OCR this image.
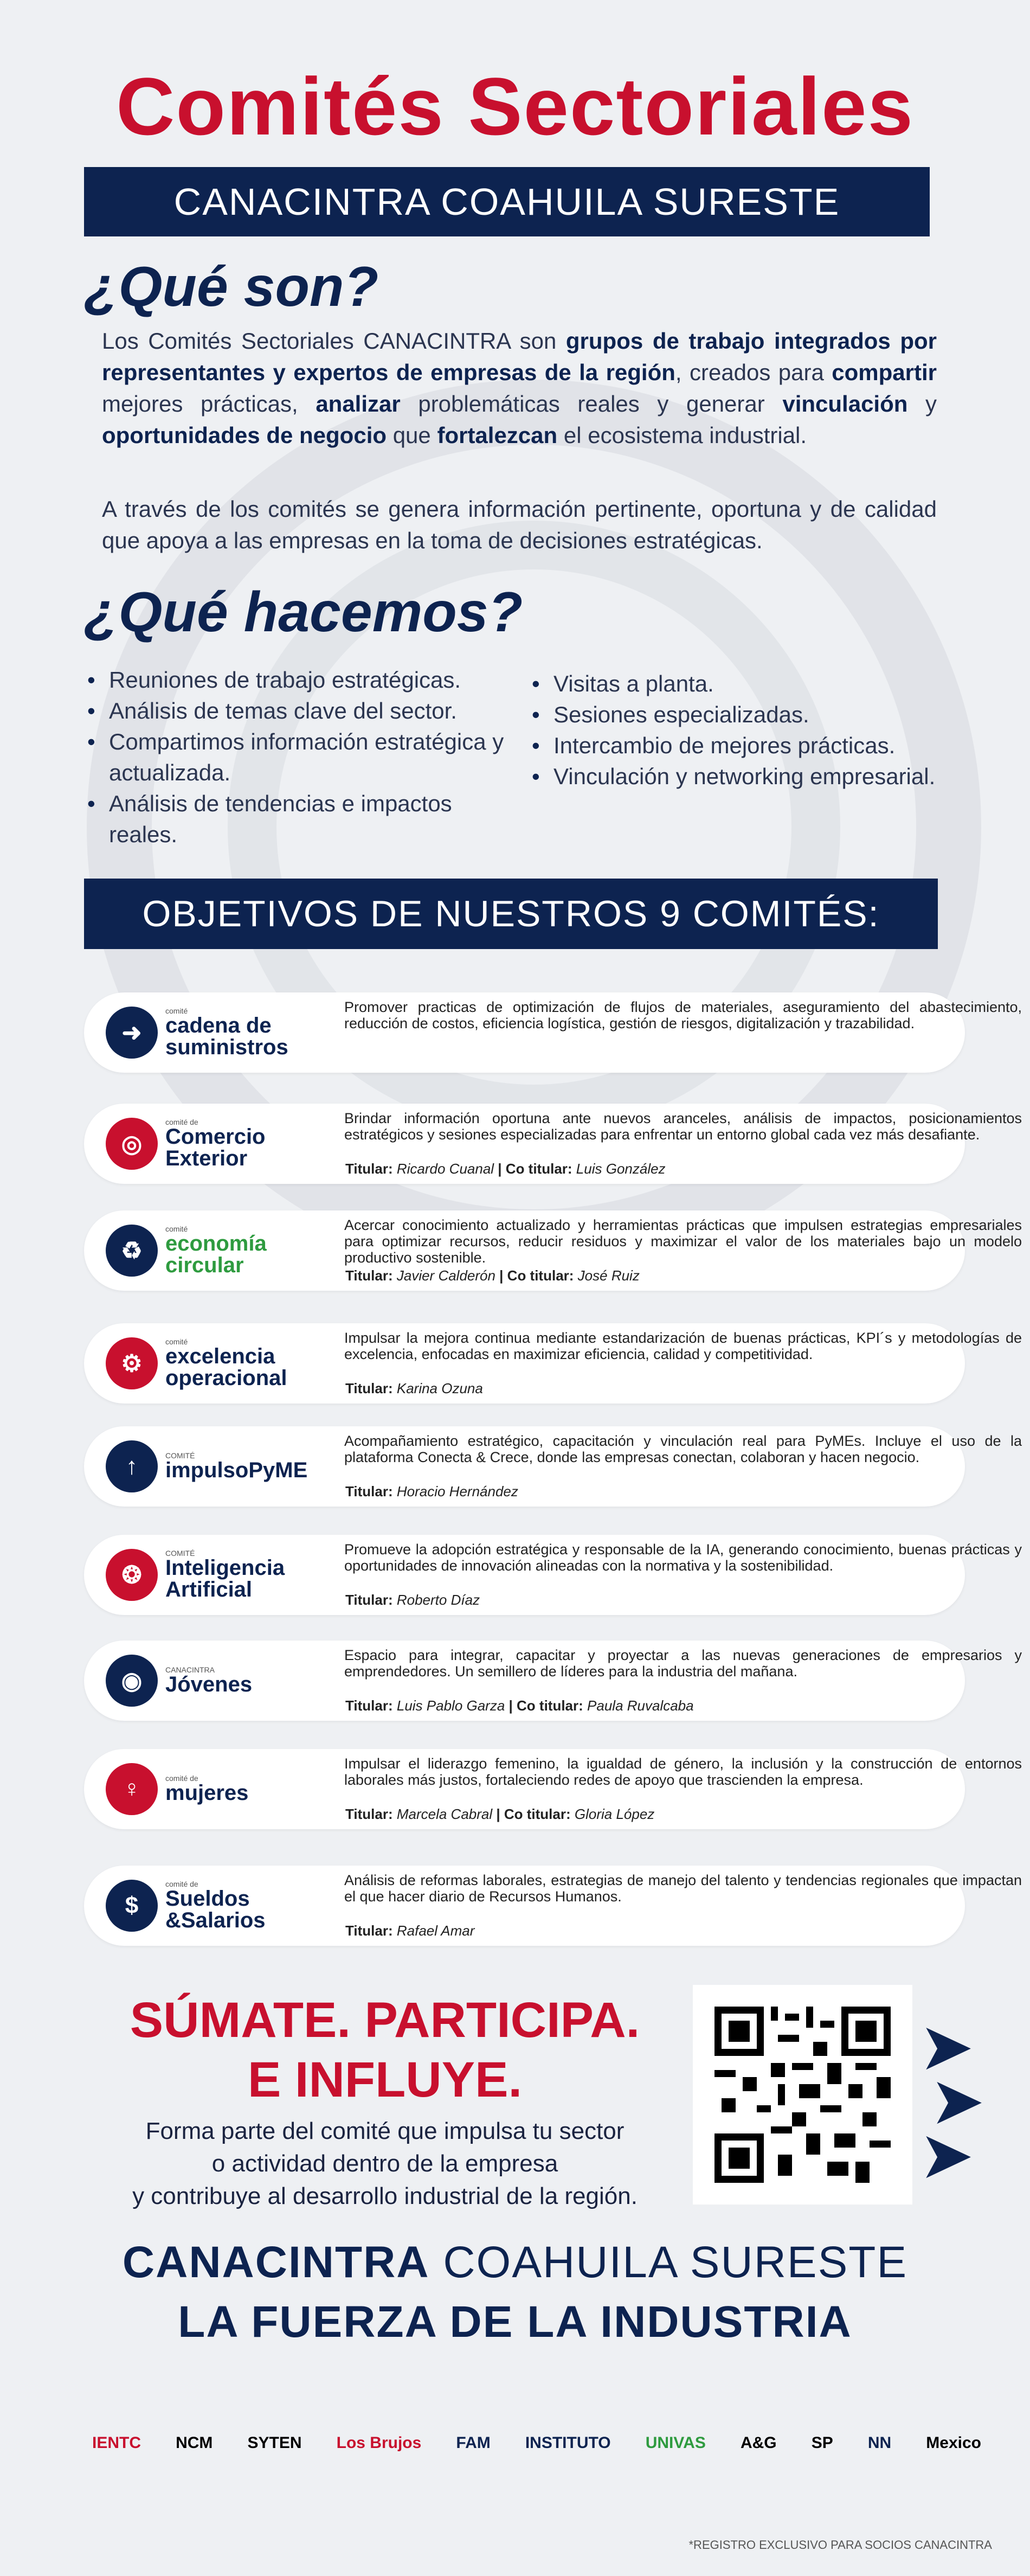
Comités Sectoriales
CANACINTRA COAHUILA SURESTE
¿Qué son?

Los Comités Sectoriales CANACINTRA son grupos de trabajo integrados por representantes y expertos de empresas de la región, creados para compartir mejores prácticas, analizar problemáticas reales y generar vinculación y oportunidades de negocio que fortalezcan el ecosistema industrial.

A través de los comités se genera información pertinente, oportuna y de calidad que apoya a las empresas en la toma de decisiones estratégicas.

¿Qué hacemos?
• Reuniones de trabajo estratégicas.
• Análisis de temas clave del sector.
• Compartimos información estratégica y actualizada.
• Análisis de tendencias e impactos reales.
• Visitas a planta.
• Sesiones especializadas.
• Intercambio de mejores prácticas.
• Vinculación y networking empresarial.
OBJETIVOS DE NUESTROS 9 COMITÉS:
➜
comité
cadena de suministros
Promover practicas de optimización de flujos de materiales, aseguramiento del abastecimiento, reducción de costos, eficiencia logística, gestión de riesgos, digitalización y trazabilidad.
◎
comité de
Comercio Exterior
Brindar información oportuna ante nuevos aranceles, análisis de impactos, posicionamientos estratégicos y sesiones especializadas para enfrentar un entorno global cada vez más desafiante.
Titular: Ricardo Cuanal | Co titular: Luis González
♻
comité
economía circular
Acercar conocimiento actualizado y herramientas prácticas que impulsen estrategias empresariales para optimizar recursos, reducir residuos y maximizar el valor de los materiales bajo un modelo productivo sostenible.
Titular: Javier Calderón | Co titular: José Ruiz
⚙
comité
excelencia operacional
Impulsar la mejora continua mediante estandarización de buenas prácticas, KPI´s y metodologías de excelencia, enfocadas en maximizar eficiencia, calidad y competitividad.
Titular: Karina Ozuna
↑	COMITÉ
impulsoPyME
Acompañamiento estratégico, capacitación y vinculación real para PyMEs. Incluye el uso de la plataforma Conecta & Crece, donde las empresas conectan, colaboran y hacen negocio.
Titular: Horacio Hernández
❂
COMITÉ
Inteligencia Artificial
Promueve la adopción estratégica y responsable de la IA, generando conocimiento, buenas prácticas y oportunidades de innovación alineadas con la normativa y la sostenibilidad.
Titular: Roberto Díaz
◉	CANACINTRA
Jóvenes
Espacio para integrar, capacitar y proyectar a las nuevas generaciones de empresarios y emprendedores. Un semillero de líderes para la industria del mañana.
Titular: Luis Pablo Garza | Co titular: Paula Ruvalcaba
♀	comité de
mujeres
Impulsar el liderazgo femenino, la igualdad de género, la inclusión y la construcción de entornos laborales más justos, fortaleciendo redes de apoyo que trascienden la empresa.
Titular: Marcela Cabral | Co titular: Gloria López
$
comité de
Sueldos &Salarios
Análisis de reformas laborales, estrategias de manejo del talento y tendencias regionales que impactan el que hacer diario de Recursos Humanos.
Titular: Rafael Amar
SÚMATE. PARTICIPA.
E INFLUYE.
Forma parte del comité que impulsa tu sector
o actividad dentro de la empresa
y contribuye al desarrollo industrial de la región.
➤
➤
➤
CANACINTRA COAHUILA SURESTE
LA FUERZA DE LA INDUSTRIA
IENTC NCM SYTEN Los Brujos FAM INSTITUTO UNIVAS A&G SP NN Mexico
*REGISTRO EXCLUSIVO PARA SOCIOS CANACINTRA
